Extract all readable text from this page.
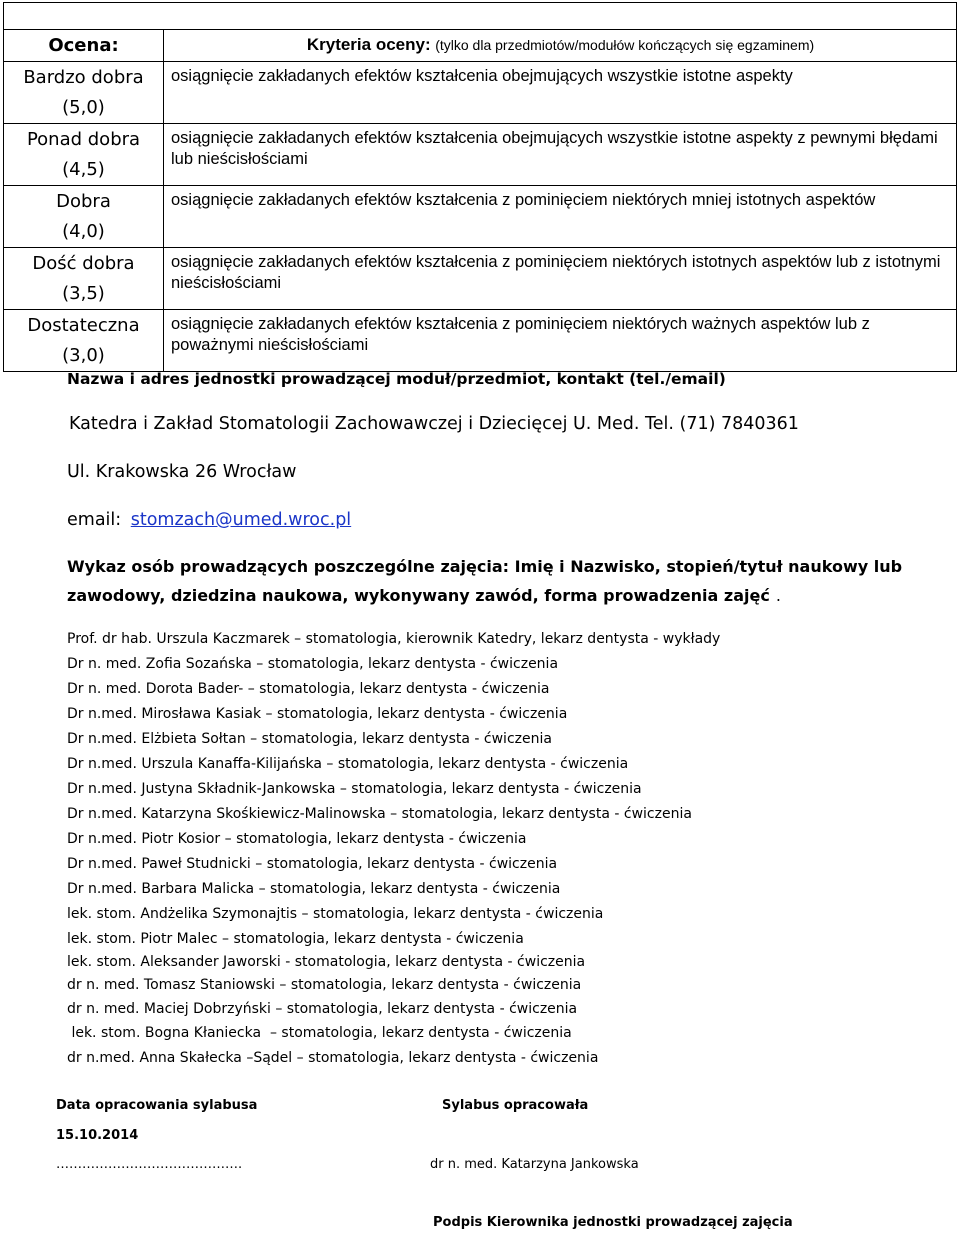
Ocena:	Kryteria oceny: (tylko dla przedmiotów/modułów kończących się egzaminem)

Bardzo dobra
(5,0)	osiągnięcie zakładanych efektów kształcenia obejmujących wszystkie istotne aspekty

Ponad dobra
(4,5)	osiągnięcie zakładanych efektów kształcenia obejmujących wszystkie istotne aspekty z pewnymi błędami lub nieścisłościami

Dobra
(4,0)	osiągnięcie zakładanych efektów kształcenia z pominięciem niektórych mniej istotnych aspektów

Dość dobra
(3,5)	osiągnięcie zakładanych efektów kształcenia z pominięciem niektórych istotnych aspektów lub z istotnymi nieścisłościami

Dostateczna
(3,0)	osiągnięcie zakładanych efektów kształcenia z pominięciem niektórych ważnych aspektów lub z poważnymi nieścisłościami
Nazwa i adres jednostki prowadzącej moduł/przedmiot, kontakt (tel./email)
Katedra i Zakład Stomatologii Zachowawczej i Dziecięcej U. Med. Tel. (71) 7840361
Ul. Krakowska 26 Wrocław
email: stomzach@umed.wroc.pl
Wykaz osób prowadzących poszczególne zajęcia: Imię i Nazwisko, stopień/tytuł naukowy lub
zawodowy, dziedzina naukowa, wykonywany zawód, forma prowadzenia zajęć .
Prof. dr hab. Urszula Kaczmarek – stomatologia, kierownik Katedry, lekarz dentysta - wykłady
Dr n. med. Zofia Sozańska – stomatologia, lekarz dentysta - ćwiczenia
Dr n. med. Dorota Bader- – stomatologia, lekarz dentysta - ćwiczenia
Dr n.med. Mirosława Kasiak – stomatologia, lekarz dentysta - ćwiczenia
Dr n.med. Elżbieta Sołtan – stomatologia, lekarz dentysta - ćwiczenia
Dr n.med. Urszula Kanaffa-Kilijańska – stomatologia, lekarz dentysta - ćwiczenia
Dr n.med. Justyna Składnik-Jankowska – stomatologia, lekarz dentysta - ćwiczenia
Dr n.med. Katarzyna Skośkiewicz-Malinowska – stomatologia, lekarz dentysta - ćwiczenia
Dr n.med. Piotr Kosior – stomatologia, lekarz dentysta - ćwiczenia
Dr n.med. Paweł Studnicki – stomatologia, lekarz dentysta - ćwiczenia
Dr n.med. Barbara Malicka – stomatologia, lekarz dentysta - ćwiczenia
lek. stom. Andżelika Szymonajtis – stomatologia, lekarz dentysta - ćwiczenia
lek. stom. Piotr Malec – stomatologia, lekarz dentysta - ćwiczenia
lek. stom. Aleksander Jaworski - stomatologia, lekarz dentysta - ćwiczenia
dr n. med. Tomasz Staniowski – stomatologia, lekarz dentysta - ćwiczenia
dr n. med. Maciej Dobrzyński – stomatologia, lekarz dentysta - ćwiczenia
lek. stom. Bogna Kłaniecka  – stomatologia, lekarz dentysta - ćwiczenia
dr n.med. Anna Skałecka –Sądel – stomatologia, lekarz dentysta - ćwiczenia
Data opracowania sylabusa
15.10.2014
…………………………………….
Sylabus opracowała
dr n. med. Katarzyna Jankowska
Podpis Kierownika jednostki prowadzącej zajęcia
